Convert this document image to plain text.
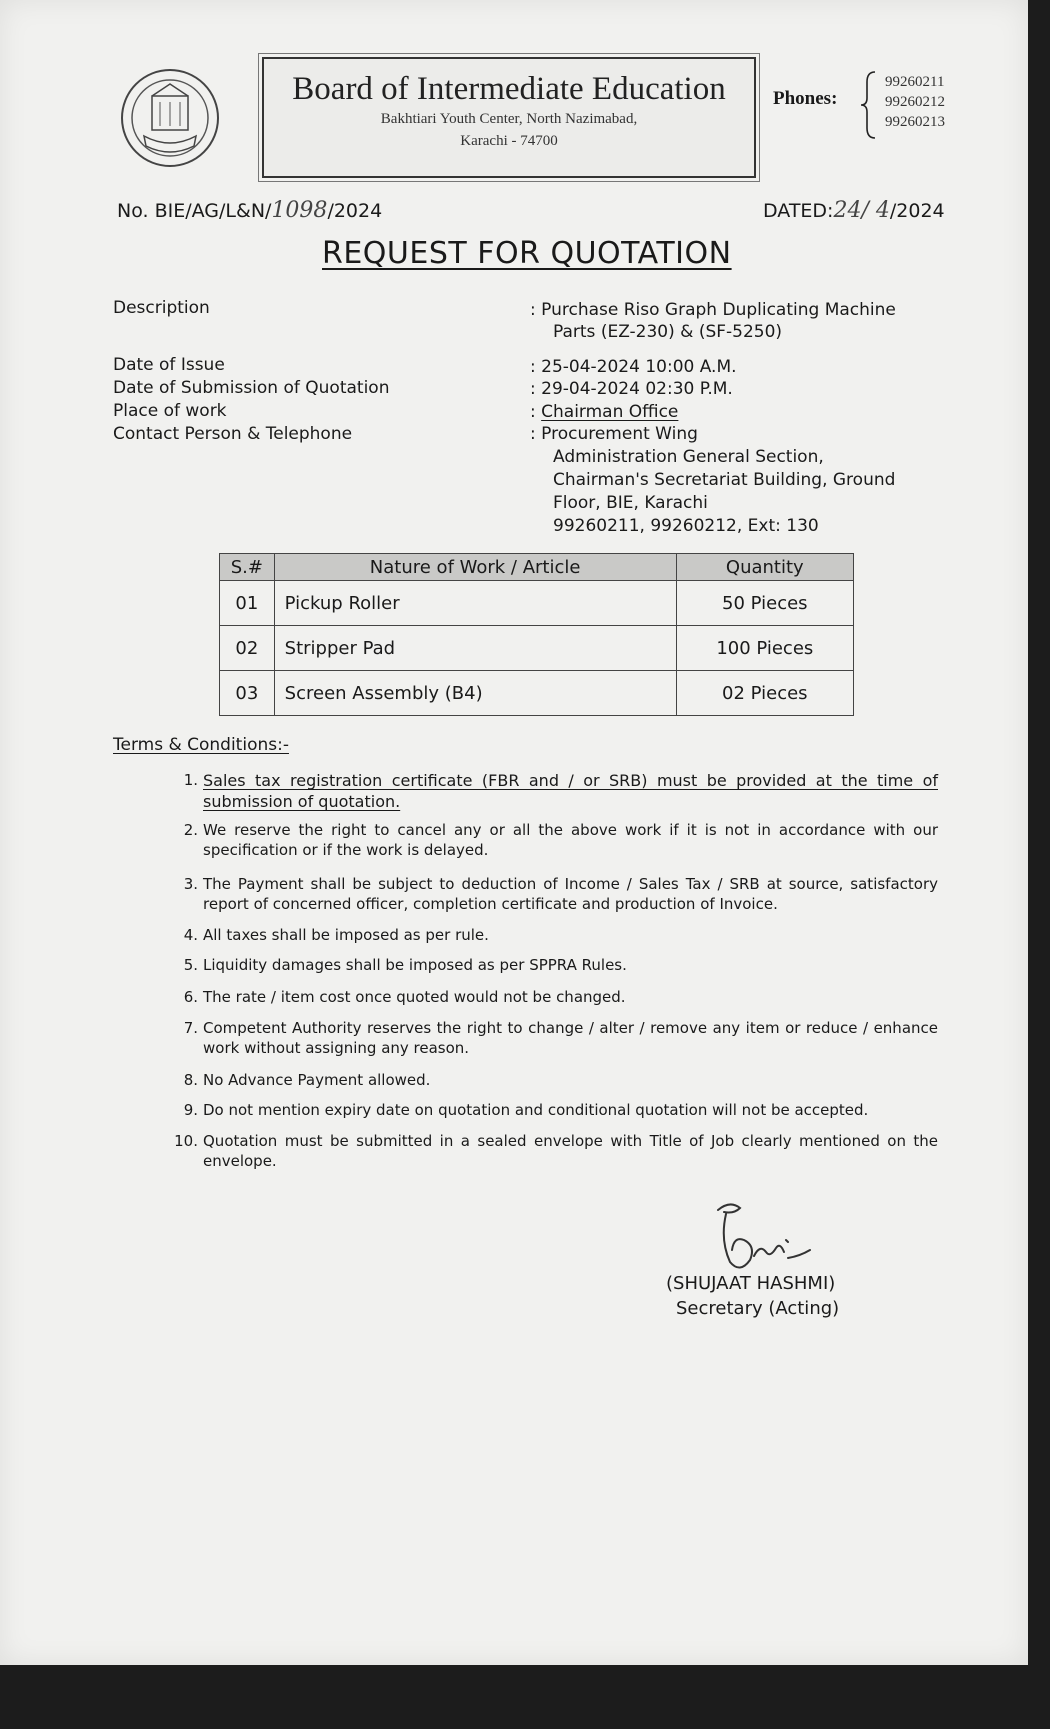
Board of Intermediate Education
Bakhtiari Youth Center, North Nazimabad,
Karachi - 74700
Phones:
99260211
99260212
99260213
No. BIE/AG/L&N/1098/2024	DATED:24/ 4/2024
REQUEST FOR QUOTATION
Description	: Purchase Riso Graph Duplicating Machine
Parts (EZ-230) & (SF-5250)
Date of Issue	: 25-04-2024 10:00 A.M.
Date of Submission of Quotation	: 29-04-2024 02:30 P.M.
Place of work	: Chairman Office
Contact Person & Telephone	: Procurement Wing
Administration General Section,
Chairman's Secretariat Building, Ground
Floor, BIE, Karachi
99260211, 99260212, Ext: 130
S.#	Nature of Work / Article	Quantity
01	Pickup Roller	50 Pieces
02	Stripper Pad	100 Pieces
03	Screen Assembly (B4)	02 Pieces
Terms & Conditions:-
1. Sales tax registration certificate (FBR and / or SRB) must be provided at the time of submission of quotation.
2. We reserve the right to cancel any or all the above work if it is not in accordance with our specification or if the work is delayed.
3. The Payment shall be subject to deduction of Income / Sales Tax / SRB at source, satisfactory report of concerned officer, completion certificate and production of Invoice.
4. All taxes shall be imposed as per rule.
5. Liquidity damages shall be imposed as per SPPRA Rules.
6. The rate / item cost once quoted would not be changed.
7. Competent Authority reserves the right to change / alter / remove any item or reduce / enhance work without assigning any reason.
8. No Advance Payment allowed.
9. Do not mention expiry date on quotation and conditional quotation will not be accepted.
10. Quotation must be submitted in a sealed envelope with Title of Job clearly mentioned on the envelope.
(SHUJAAT HASHMI)
Secretary (Acting)
